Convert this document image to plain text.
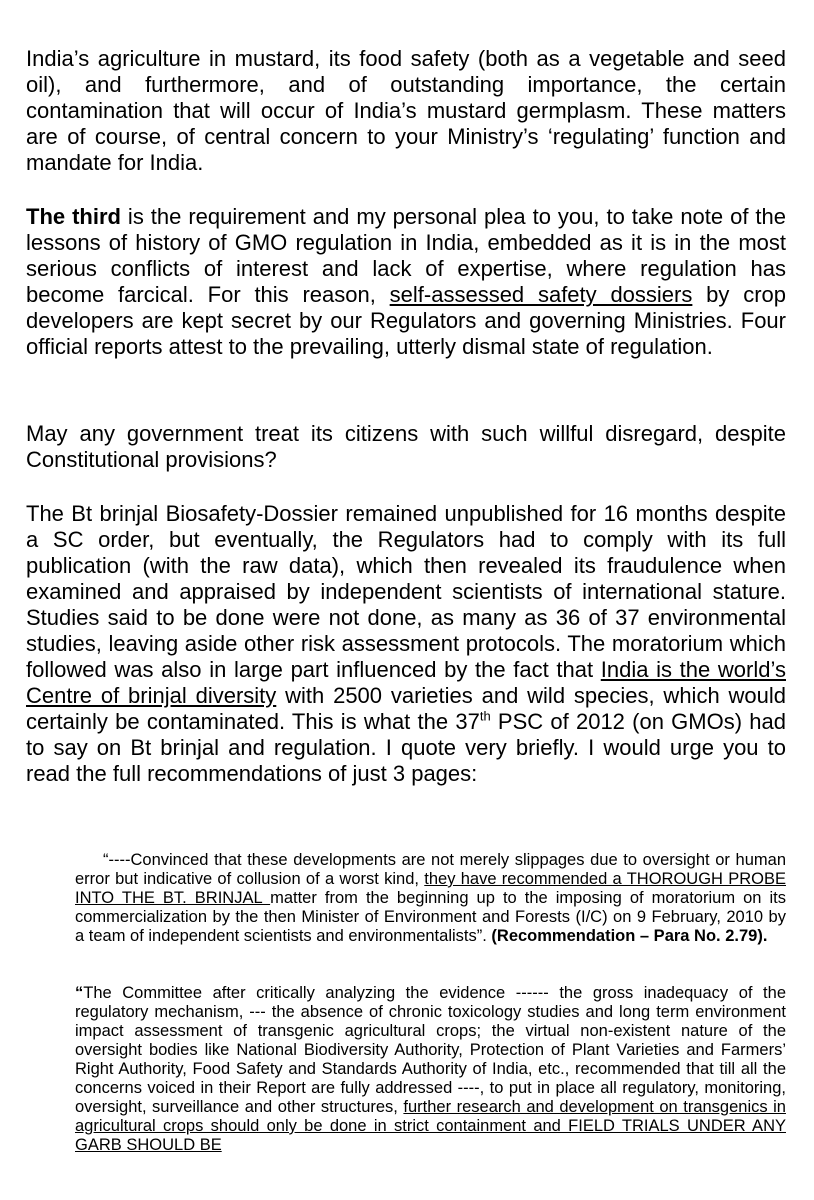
India’s agriculture in mustard, its food safety (both as a vegetable and seed oil), and furthermore, and of outstanding importance, the certain contamination that will occur of India’s mustard germplasm. These matters are of course, of central concern to your Ministry’s ‘regulating’ function and mandate for India.

The third is the requirement and my personal plea to you, to take note of the lessons of history of GMO regulation in India, embedded as it is in the most serious conflicts of interest and lack of expertise, where regulation has become farcical. For this reason, self-assessed safety dossiers by crop developers are kept secret by our Regulators and governing Ministries. Four official reports attest to the prevailing, utterly dismal state of regulation.

May any government treat its citizens with such willful disregard, despite Constitutional provisions?

The Bt brinjal Biosafety-Dossier remained unpublished for 16 months despite a SC order, but eventually, the Regulators had to comply with its full publication (with the raw data), which then revealed its fraudulence when examined and appraised by independent scientists of international stature. Studies said to be done were not done, as many as 36 of 37 environmental studies, leaving aside other risk assessment protocols. The moratorium which followed was also in large part influenced by the fact that India is the world’s Centre of brinjal diversity with 2500 varieties and wild species, which would certainly be contaminated. This is what the 37th PSC of 2012 (on GMOs) had to say on Bt brinjal and regulation. I quote very briefly. I would urge you to read the full recommendations of just 3 pages:

“----Convinced that these developments are not merely slippages due to oversight or human error but indicative of collusion of a worst kind, they have recommended a THOROUGH PROBE INTO THE BT. BRINJAL matter from the beginning up to the imposing of moratorium on its commercialization by the then Minister of Environment and Forests (I/C) on 9 February, 2010 by a team of independent scientists and environmentalists”. (Recommendation – Para No. 2.79).

“The Committee after critically analyzing the evidence ------ the gross inadequacy of the regulatory mechanism, --- the absence of chronic toxicology studies and long term environment impact assessment of transgenic agricultural crops; the virtual non-existent nature of the oversight bodies like National Biodiversity Authority, Protection of Plant Varieties and Farmers’ Right Authority, Food Safety and Standards Authority of India, etc., recommended that till all the concerns voiced in their Report are fully addressed ----, to put in place all regulatory, monitoring, oversight, surveillance and other structures, further research and development on transgenics in agricultural crops should only be done in strict containment and FIELD TRIALS UNDER ANY GARB SHOULD BE
